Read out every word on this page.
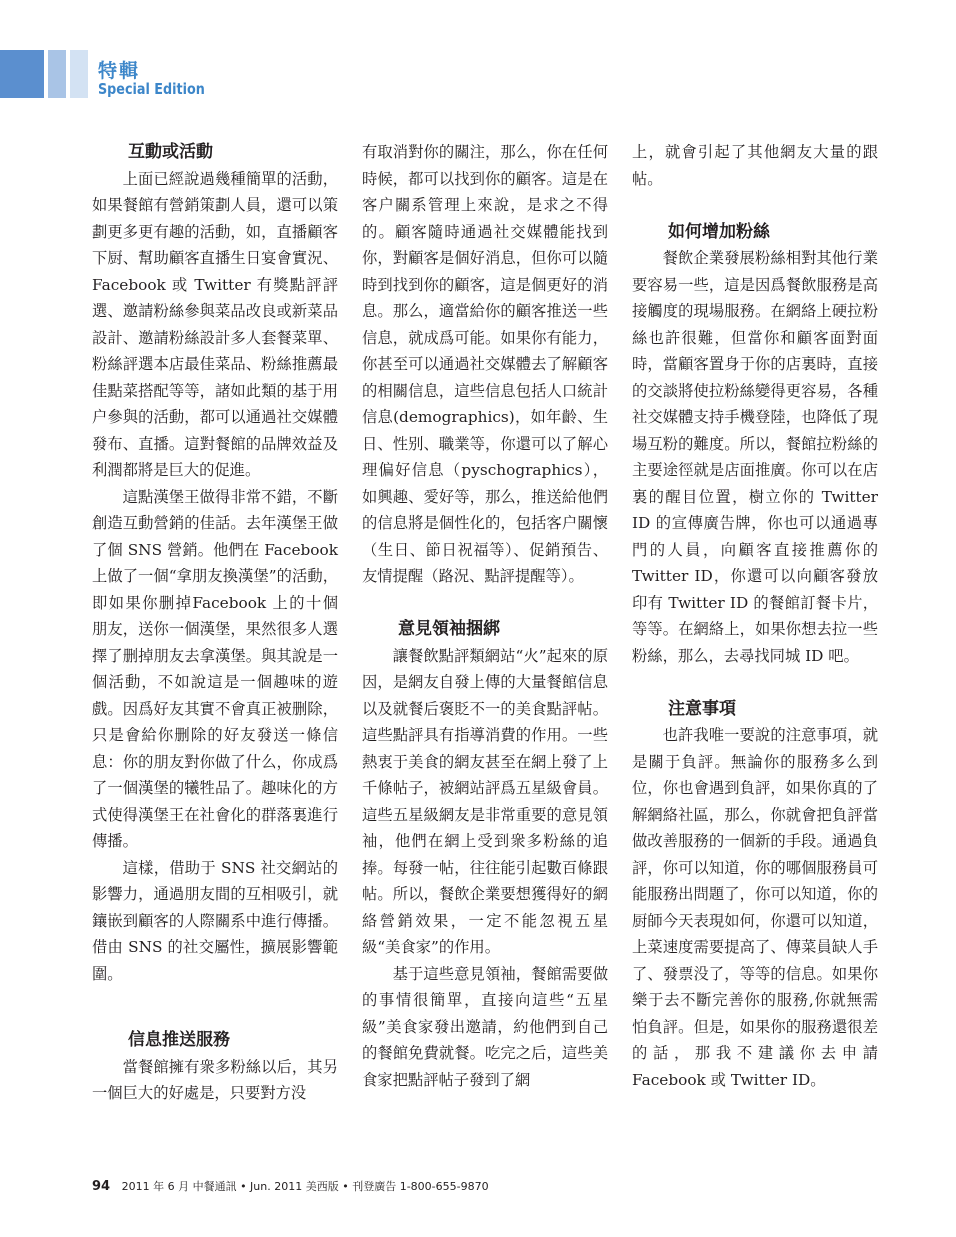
特輯
Special Edition
互動或活動

上面已經說過幾種簡單的活動，如果餐館有營銷策劃人員，還可以策劃更多更有趣的活動，如，直播顧客下厨、幫助顧客直播生日宴會實況、Facebook 或 Twitter 有獎點評評選、邀請粉絲參與菜品改良或新菜品設計、邀請粉絲設計多人套餐菜單、粉絲評選本店最佳菜品、粉絲推薦最佳點菜搭配等等，諸如此類的基于用户參與的活動，都可以通過社交媒體發布、直播。這對餐館的品牌效益及利潤都將是巨大的促進。

這點漢堡王做得非常不錯，不斷創造互動營銷的佳話。去年漢堡王做了個 SNS 營銷。他們在 Facebook 上做了一個“拿朋友換漢堡”的活動，即如果你删掉Facebook 上的十個朋友，送你一個漢堡，果然很多人選擇了删掉朋友去拿漢堡。與其說是一個活動，不如說這是一個趣味的遊戲。因爲好友其實不會真正被删除，只是會給你删除的好友發送一條信息：你的朋友對你做了什么，你成爲了一個漢堡的犧牲品了。趣味化的方式使得漢堡王在社會化的群落裏進行傳播。

這樣，借助于 SNS 社交網站的影響力，通過朋友間的互相吸引，就鑲嵌到顧客的人際關系中進行傳播。借由 SNS 的社交屬性，擴展影響範圍。

信息推送服務

當餐館擁有衆多粉絲以后，其另一個巨大的好處是，只要對方没

有取消對你的關注，那么，你在任何時候，都可以找到你的顧客。這是在客户關系管理上來說，是求之不得的。顧客隨時通過社交媒體能找到你，對顧客是個好消息，但你可以隨時到找到你的顧客，這是個更好的消息。那么，適當給你的顧客推送一些信息，就成爲可能。如果你有能力，你甚至可以通過社交媒體去了解顧客的相關信息，這些信息包括人口統計信息(demographics)，如年齡、生日、性别、職業等，你還可以了解心理偏好信息（pyschographics），如興趣、愛好等，那么，推送給他們的信息將是個性化的，包括客户關懷（生日、節日祝福等）、促銷預告、友情提醒（路況、點評提醒等）。

意見領袖捆綁

讓餐飲點評類網站“火”起來的原因，是網友自發上傳的大量餐館信息以及就餐后褒貶不一的美食點評帖。這些點評具有指導消費的作用。一些熱衷于美食的網友甚至在網上發了上千條帖子，被網站評爲五星級會員。這些五星級網友是非常重要的意見領袖，他們在網上受到衆多粉絲的追捧。每發一帖，往往能引起數百條跟帖。所以，餐飲企業要想獲得好的網絡營銷效果，一定不能忽視五星級“美食家”的作用。

基于這些意見領袖，餐館需要做的事情很簡單，直接向這些“五星級”美食家發出邀請，約他們到自己的餐館免費就餐。吃完之后，這些美食家把點評帖子發到了網

上，就會引起了其他網友大量的跟帖。

如何增加粉絲

餐飲企業發展粉絲相對其他行業要容易一些，這是因爲餐飲服務是高接觸度的現場服務。在網絡上硬拉粉絲也許很難，但當你和顧客面對面時，當顧客置身于你的店裏時，直接的交談將使拉粉絲變得更容易，各種社交媒體支持手機登陸，也降低了現場互粉的難度。所以，餐館拉粉絲的主要途徑就是店面推廣。你可以在店裏的醒目位置，樹立你的 Twitter ID 的宣傳廣告牌，你也可以通過專門的人員，向顧客直接推薦你的 Twitter ID，你還可以向顧客發放印有 Twitter ID 的餐館訂餐卡片，等等。在網絡上，如果你想去拉一些粉絲，那么，去尋找同城 ID 吧。

注意事項

也許我唯一要說的注意事項，就是關于負評。無論你的服務多么到位，你也會遇到負評，如果你真的了解網絡社區，那么，你就會把負評當做改善服務的一個新的手段。通過負評，你可以知道，你的哪個服務員可能服務出問題了，你可以知道，你的厨師今天表現如何，你還可以知道，上菜速度需要提高了、傳菜員缺人手了、發票没了，等等的信息。如果你樂于去不斷完善你的服務,你就無需怕負評。但是，如果你的服務還很差的話，那我不建議你去申請 Facebook 或 Twitter ID。

94 2011 年 6 月 中餐通訊 • Jun. 2011 美西版 • 刊登廣告 1-800-655-9870
